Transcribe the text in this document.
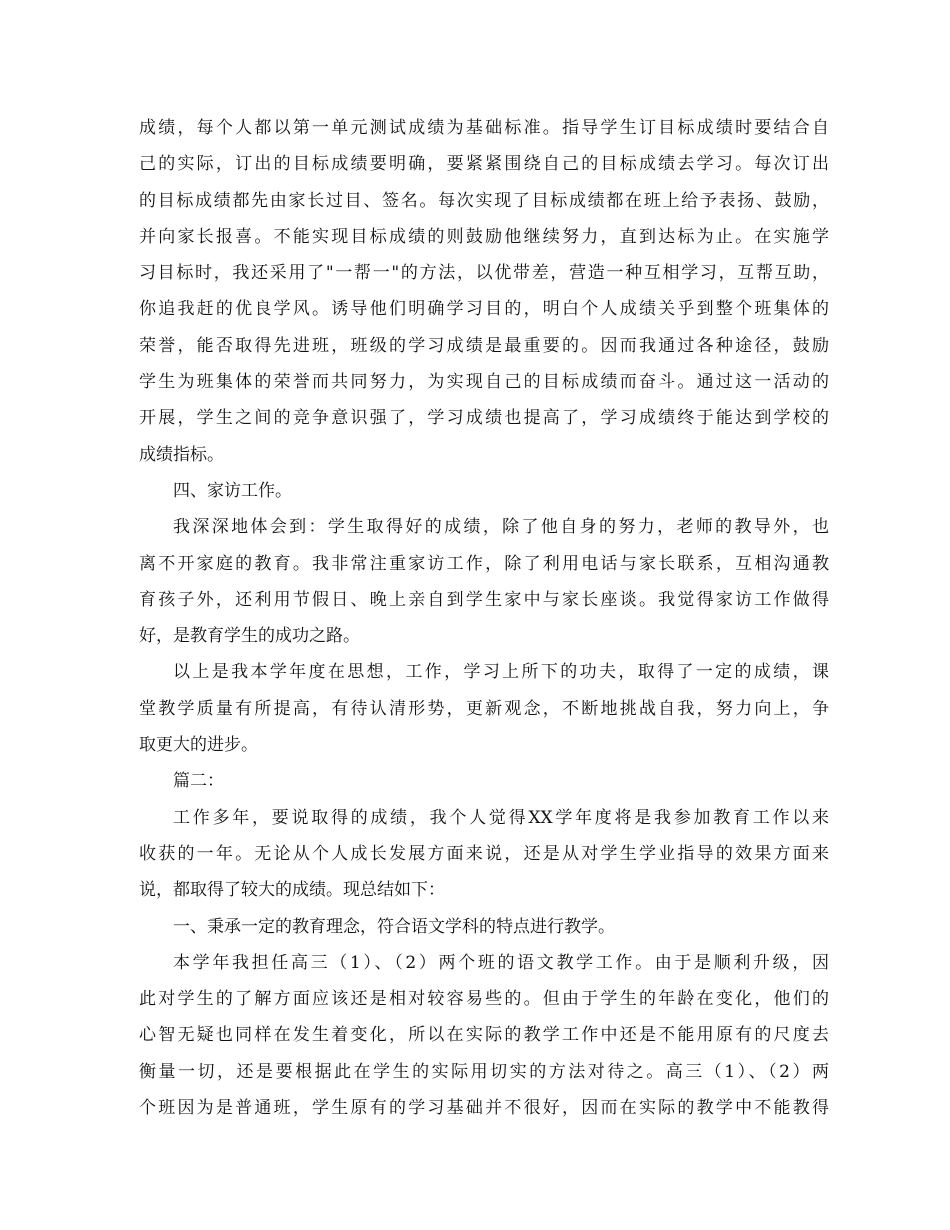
成绩，每个人都以第一单元测试成绩为基础标准。指导学生订目标成绩时要结合自
己的实际，订出的目标成绩要明确，要紧紧围绕自己的目标成绩去学习。每次订出
的目标成绩都先由家长过目、签名。每次实现了目标成绩都在班上给予表扬、鼓励，
并向家长报喜。不能实现目标成绩的则鼓励他继续努力，直到达标为止。在实施学
习目标时，我还采用了"一帮一"的方法，以优带差，营造一种互相学习，互帮互助，
你追我赶的优良学风。诱导他们明确学习目的，明白个人成绩关乎到整个班集体的
荣誉，能否取得先进班，班级的学习成绩是最重要的。因而我通过各种途径，鼓励
学生为班集体的荣誉而共同努力，为实现自己的目标成绩而奋斗。通过这一活动的
开展，学生之间的竞争意识强了，学习成绩也提高了，学习成绩终于能达到学校的
成绩指标。
四、家访工作。
我深深地体会到：学生取得好的成绩，除了他自身的努力，老师的教导外，也
离不开家庭的教育。我非常注重家访工作，除了利用电话与家长联系，互相沟通教
育孩子外，还利用节假日、晚上亲自到学生家中与家长座谈。我觉得家访工作做得
好，是教育学生的成功之路。
以上是我本学年度在思想，工作，学习上所下的功夫，取得了一定的成绩，课
堂教学质量有所提高，有待认清形势，更新观念，不断地挑战自我，努力向上，争
取更大的进步。
篇二：
工作多年，要说取得的成绩，我个人觉得XX学年度将是我参加教育工作以来
收获的一年。无论从个人成长发展方面来说，还是从对学生学业指导的效果方面来
说，都取得了较大的成绩。现总结如下：
一、秉承一定的教育理念，符合语文学科的特点进行教学。
本学年我担任高三（1）、（2）两个班的语文教学工作。由于是顺利升级，因
此对学生的了解方面应该还是相对较容易些的。但由于学生的年龄在变化，他们的
心智无疑也同样在发生着变化，所以在实际的教学工作中还是不能用原有的尺度去
衡量一切，还是要根据此在学生的实际用切实的方法对待之。高三（1）、（2）两
个班因为是普通班，学生原有的学习基础并不很好，因而在实际的教学中不能教得
